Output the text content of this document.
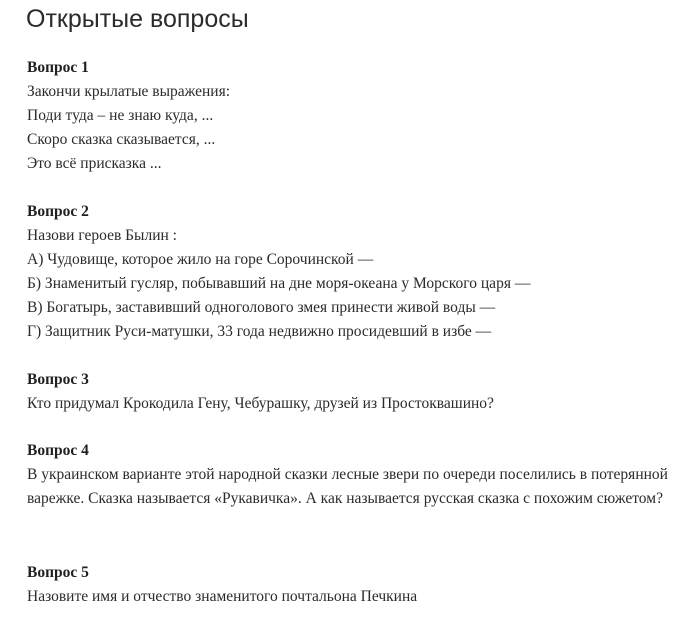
Открытые вопросы
Вопрос 1
Закончи крылатые выражения:
Поди туда – не знаю куда, ...
Скоро сказка сказывается, ...
Это всё присказка ...
Вопрос 2
Назови героев Былин :
А) Чудовище, которое жило на горе Сорочинской —
Б) Знаменитый гусляр, побывавший на дне моря-океана у Морского царя —
В) Богатырь, заставивший одноголового змея принести живой воды —
Г) Защитник Руси-матушки, 33 года недвижно просидевший в избе —
Вопрос 3
Кто придумал Крокодила Гену, Чебурашку, друзей из Простоквашино?
Вопрос 4
В украинском варианте этой народной сказки лесные звери по очереди поселились в потерянной варежке. Сказка называется «Рукавичка». А как называется русская сказка с похожим сюжетом?
Вопрос 5
Назовите имя и отчество знаменитого почтальона Печкина
